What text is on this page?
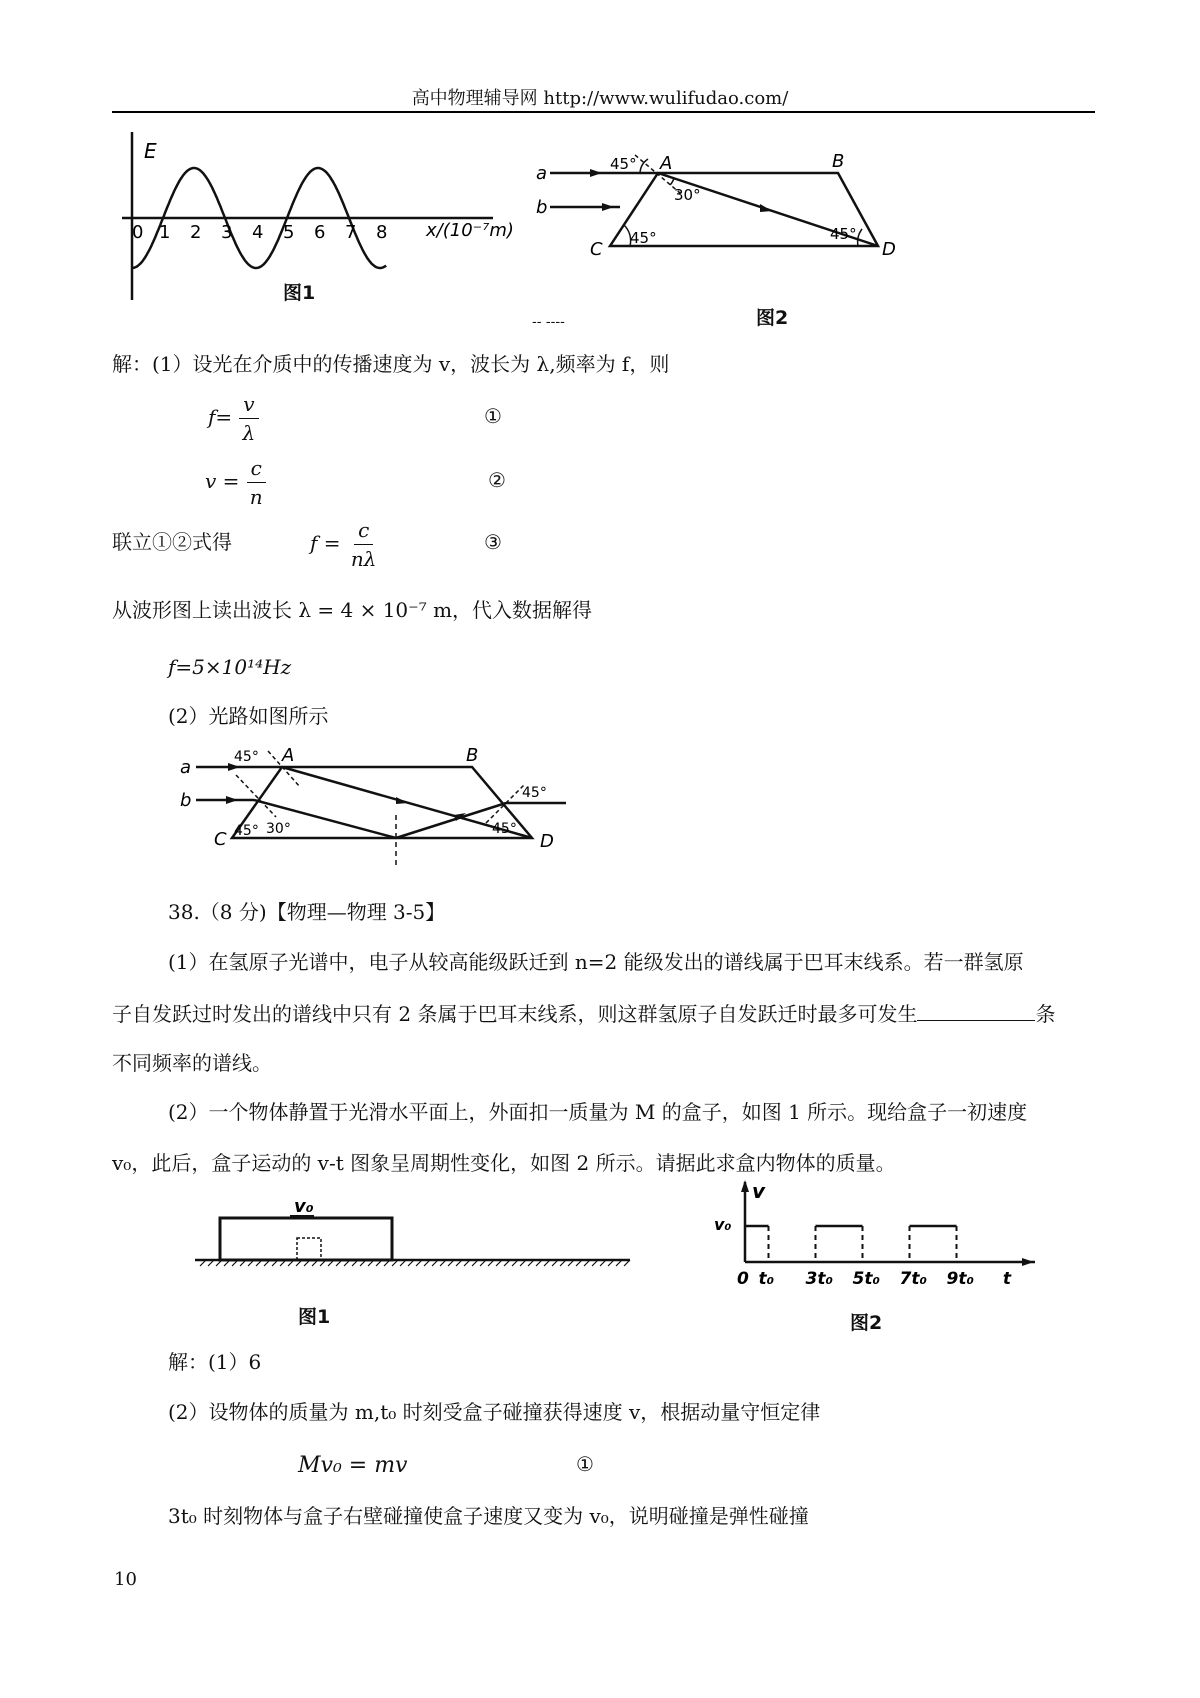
高中物理辅导网 http://www.wulifudao.com/
E
0 1 2 3 4 5 6 7 8 x/(10⁻⁷m)
图1
a
b
A	B
C	D
45°
30°
45°	45°
-- ----	图2
解：(1）设光在介质中的传播速度为 v，波长为 λ,频率为 f，则
$f= \frac{v}{\lambda}$	①
$v = \frac{c}{n}$	②
联立①②式得	$f = \frac{c}{n\lambda}$	③
从波形图上读出波长 λ = 4 × 10⁻⁷ m，代入数据解得
f=5×10¹⁴Hz
(2）光路如图所示
a
b
A	B
C	D
45°
30°
45°	45°
45°
38.（8 分)【物理—物理 3-5】
(1）在氢原子光谱中，电子从较高能级跃迁到 n=2 能级发出的谱线属于巴耳末线系。若一群氢原
子自发跃过时发出的谱线中只有 2 条属于巴耳末线系，则这群氢原子自发跃迁时最多可发生	条
不同频率的谱线。
(2）一个物体静置于光滑水平面上，外面扣一质量为 M 的盒子，如图 1 所示。现给盒子一初速度
v₀，此后，盒子运动的 v-t 图象呈周期性变化，如图 2 所示。请据此求盒内物体的质量。
v₀
图1
v
v₀
0 t₀ 3t₀ 5t₀ 7t₀ 9t₀ t
图2
解：(1）6
(2）设物体的质量为 m,t₀ 时刻受盒子碰撞获得速度 v，根据动量守恒定律
Mv₀ = mv	①
3t₀ 时刻物体与盒子右壁碰撞使盒子速度又变为 v₀，说明碰撞是弹性碰撞
10
